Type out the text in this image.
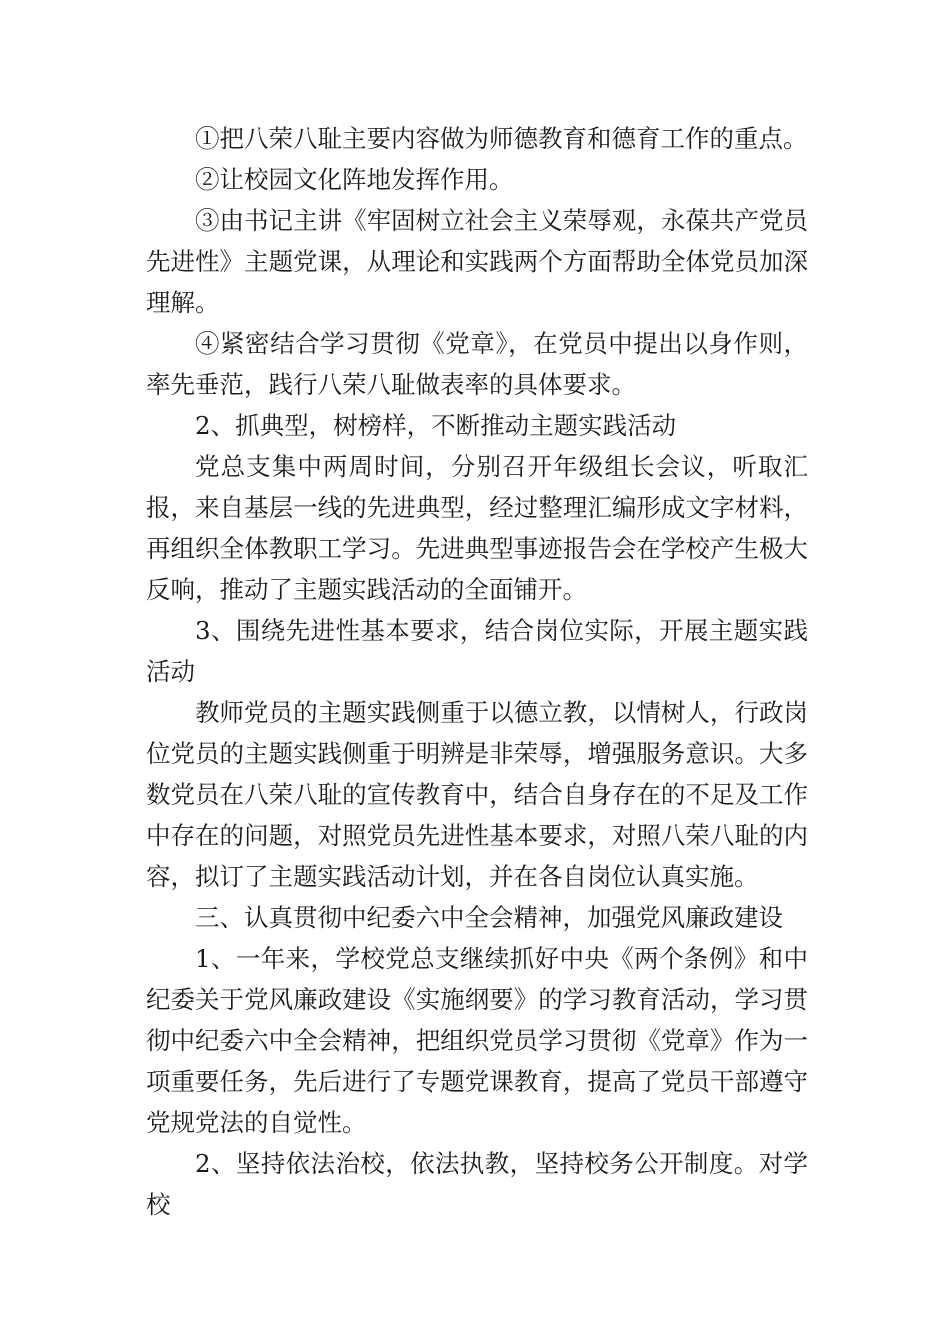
①把八荣八耻主要内容做为师德教育和德育工作的重点。

②让校园文化阵地发挥作用。

③由书记主讲《牢固树立社会主义荣辱观，永葆共产党员先进性》主题党课，从理论和实践两个方面帮助全体党员加深理解。

④紧密结合学习贯彻《党章》，在党员中提出以身作则，率先垂范，践行八荣八耻做表率的具体要求。

2、抓典型，树榜样，不断推动主题实践活动

党总支集中两周时间，分别召开年级组长会议，听取汇报，来自基层一线的先进典型，经过整理汇编形成文字材料，再组织全体教职工学习。先进典型事迹报告会在学校产生极大反响，推动了主题实践活动的全面铺开。

3、围绕先进性基本要求，结合岗位实际，开展主题实践活动

教师党员的主题实践侧重于以德立教，以情树人，行政岗位党员的主题实践侧重于明辨是非荣辱，增强服务意识。大多数党员在八荣八耻的宣传教育中，结合自身存在的不足及工作中存在的问题，对照党员先进性基本要求，对照八荣八耻的内容，拟订了主题实践活动计划，并在各自岗位认真实施。

三、认真贯彻中纪委六中全会精神，加强党风廉政建设

1、一年来，学校党总支继续抓好中央《两个条例》和中纪委关于党风廉政建设《实施纲要》的学习教育活动，学习贯彻中纪委六中全会精神，把组织党员学习贯彻《党章》作为一项重要任务，先后进行了专题党课教育，提高了党员干部遵守党规党法的自觉性。

2、坚持依法治校，依法执教，坚持校务公开制度。对学校
